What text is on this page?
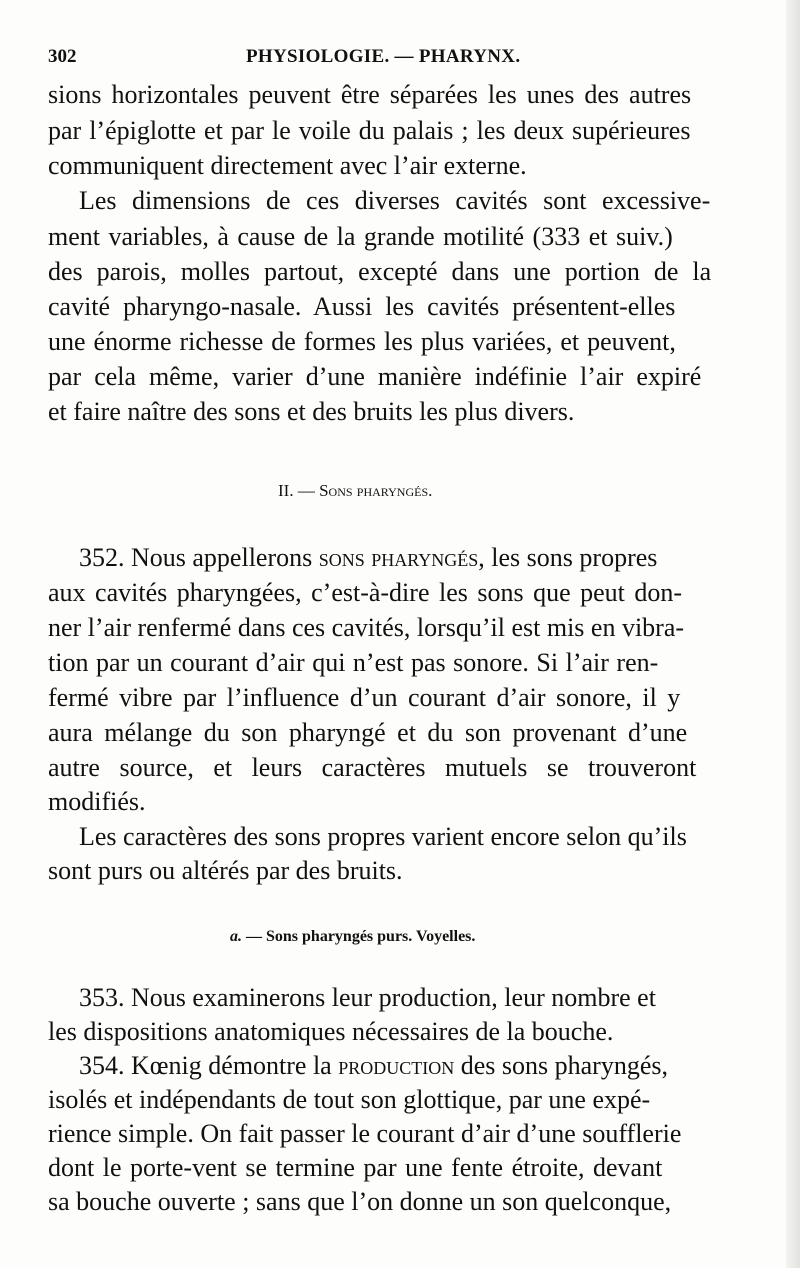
302	PHYSIOLOGIE. — PHARYNX.
sions horizontales peuvent être séparées les unes des autres
par l’épiglotte et par le voile du palais ; les deux supérieures
communiquent directement avec l’air externe.
Les dimensions de ces diverses cavités sont excessive-
ment variables, à cause de la grande motilité (333 et suiv.)
des parois, molles partout, excepté dans une portion de la
cavité pharyngo-nasale. Aussi les cavités présentent-elles
une énorme richesse de formes les plus variées, et peuvent,
par cela même, varier d’une manière indéfinie l’air expiré
et faire naître des sons et des bruits les plus divers.
II. — Sons pharyngés.
352. Nous appellerons sons pharyngés, les sons propres
aux cavités pharyngées, c’est-à-dire les sons que peut don-
ner l’air renfermé dans ces cavités, lorsqu’il est mis en vibra-
tion par un courant d’air qui n’est pas sonore. Si l’air ren-
fermé vibre par l’influence d’un courant d’air sonore, il y
aura mélange du son pharyngé et du son provenant d’une
autre source, et leurs caractères mutuels se trouveront
modifiés.
Les caractères des sons propres varient encore selon qu’ils
sont purs ou altérés par des bruits.
a. — Sons pharyngés purs. Voyelles.
353. Nous examinerons leur production, leur nombre et
les dispositions anatomiques nécessaires de la bouche.
354. Kœnig démontre la production des sons pharyngés,
isolés et indépendants de tout son glottique, par une expé-
rience simple. On fait passer le courant d’air d’une soufflerie
dont le porte-vent se termine par une fente étroite, devant
sa bouche ouverte ; sans que l’on donne un son quelconque,
